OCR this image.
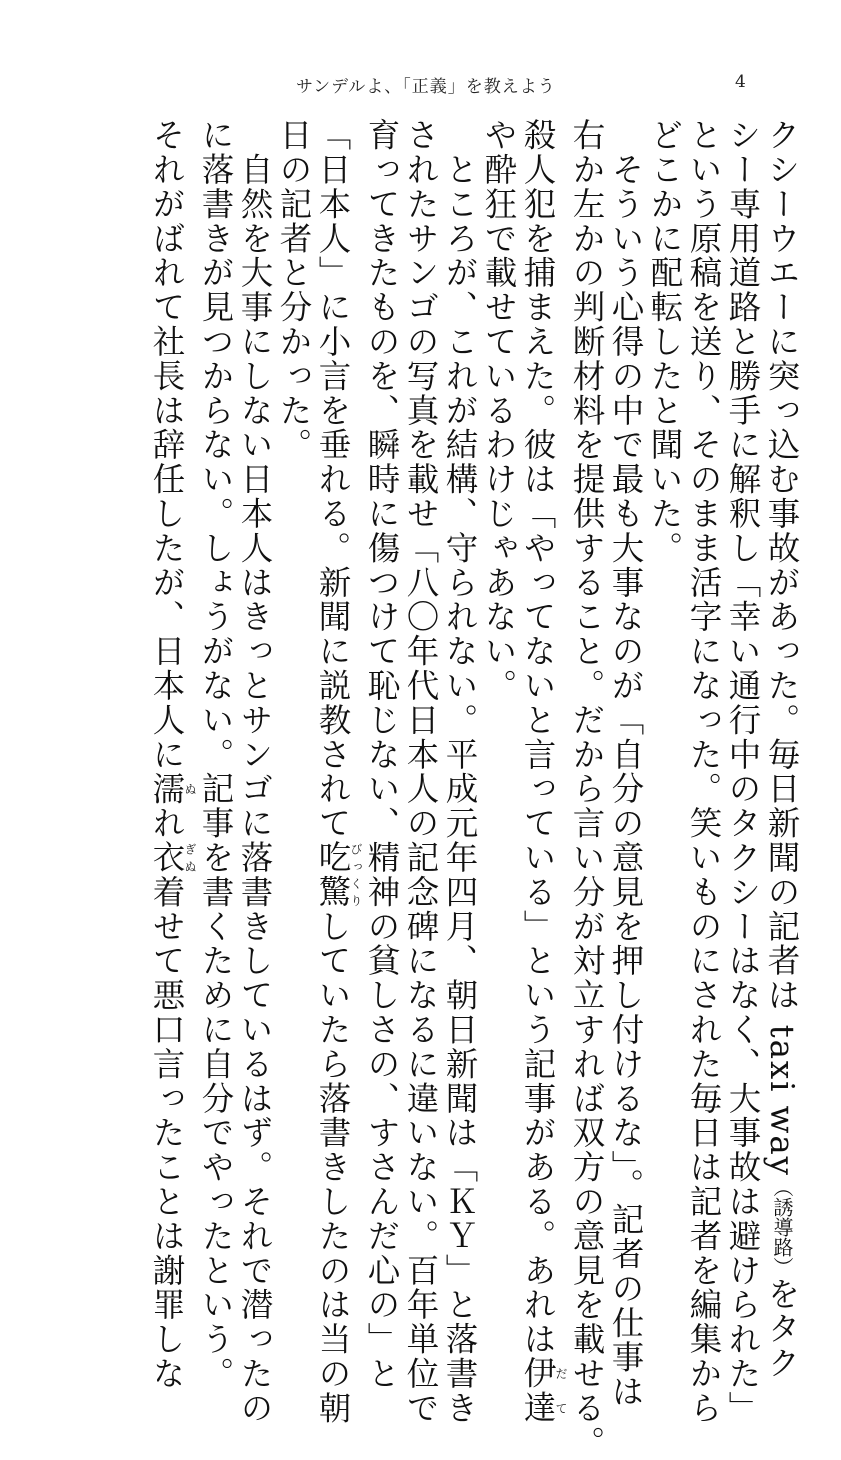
サンデルよ、「正義」を教えよう	4

クシーウエーに突っ込む事故があった。毎日新聞の記者は taxi way（誘導路）をタク

シー専用道路と勝手に解釈し「幸い通行中のタクシーはなく、大事故は避けられた」

という原稿を送り、そのまま活字になった。笑いものにされた毎日は記者を編集から

どこかに配転したと聞いた。

　そういう心得の中で最も大事なのが「自分の意見を押し付けるな」。記者の仕事は

右か左かの判断材料を提供すること。だから言い分が対立すれば双方の意見を載せる。

殺人犯を捕まえた。彼は「やってないと言っている」という記事がある。あれは伊達だて

や酔狂で載せているわけじゃあない。

　ところが、これが結構、守られない。平成元年四月、朝日新聞は「ＫＹ」と落書き

されたサンゴの写真を載せ「八〇年代日本人の記念碑になるに違いない。百年単位で

育ってきたものを、瞬時に傷つけて恥じない、精神の貧しさの、すさんだ心の」と

「日本人」に小言を垂れる。新聞に説教されて吃驚びっくりしていたら落書きしたのは当の朝

日の記者と分かった。

　自然を大事にしない日本人はきっとサンゴに落書きしているはず。それで潜ったの

に落書きが見つからない。しょうがない。記事を書くために自分でやったという。

それがばれて社長は辞任したが、日本人に濡ぬれ衣ぎぬ着せて悪口言ったことは謝罪しな
